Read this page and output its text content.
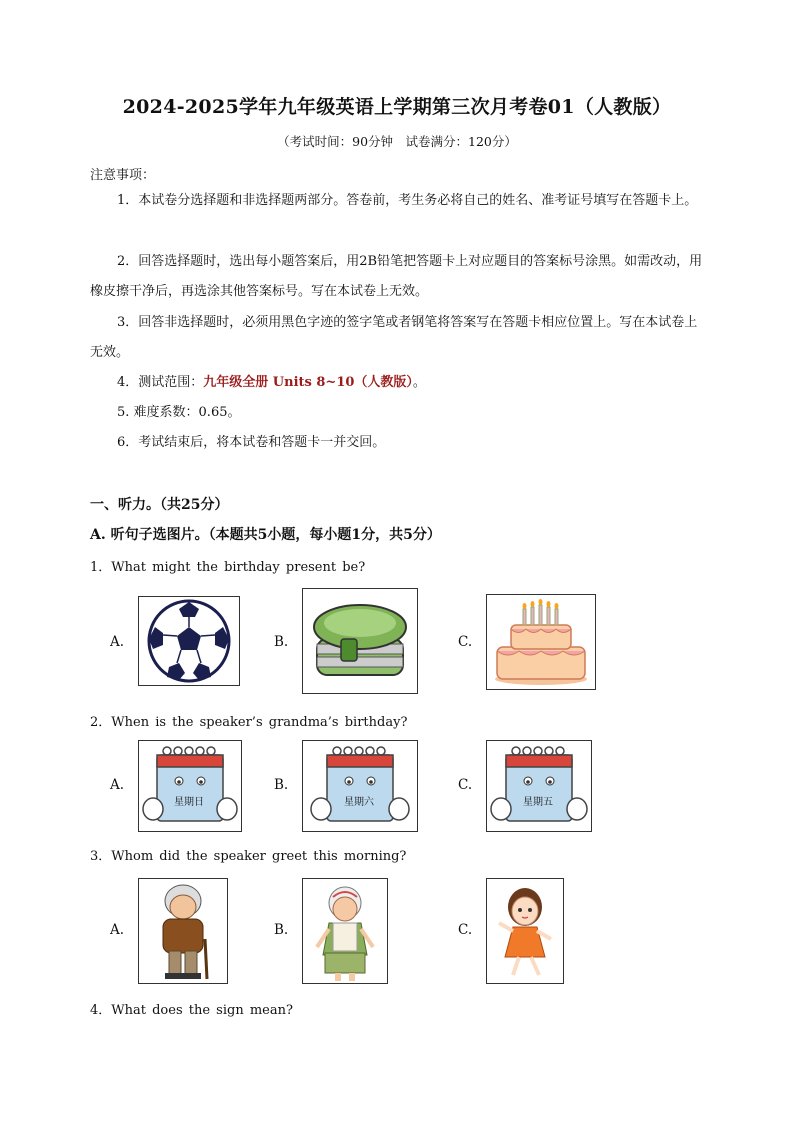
2024-2025学年九年级英语上学期第三次月考卷01（人教版）
（考试时间：90分钟　试卷满分：120分）
注意事项：
1．本试卷分选择题和非选择题两部分。答卷前，考生务必将自己的姓名、准考证号填写在答题卡上。
2．回答选择题时，选出每小题答案后，用2B铅笔把答题卡上对应题目的答案标号涂黑。如需改动，用橡皮擦干净后，再选涂其他答案标号。写在本试卷上无效。
3．回答非选择题时，必须用黑色字迹的签字笔或者钢笔将答案写在答题卡相应位置上。写在本试卷上无效。
4．测试范围：九年级全册 Units 8~10（人教版）。
5. 难度系数：0.65。
6．考试结束后，将本试卷和答题卡一并交回。
一、听力。（共25分）
A. 听句子选图片。（本题共5小题，每小题1分，共5分）
1．What might the birthday present be?
A.	B.	C.
2．When is the speaker’s grandma’s birthday?
A.
星期日
B.
星期六
C.
星期五
3．Whom did the speaker greet this morning?
A.	B.	C.
4．What does the sign mean?
